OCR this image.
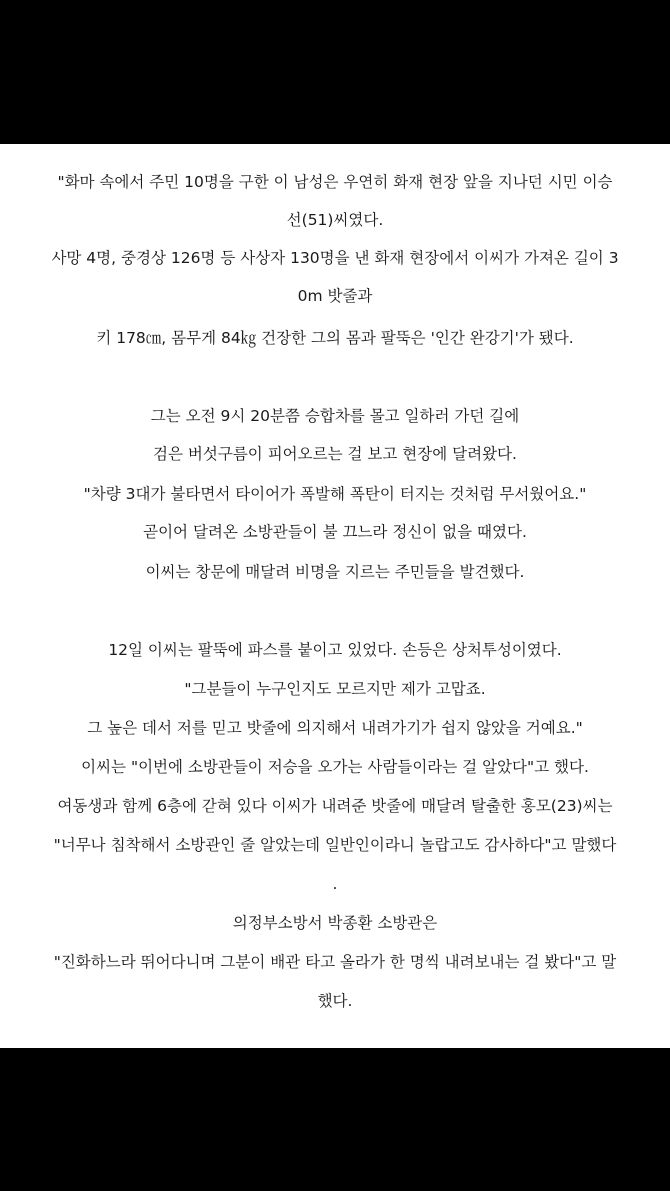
"화마 속에서 주민 10명을 구한 이 남성은 우연히 화재 현장 앞을 지나던 시민 이승
선(51)씨였다.
사망 4명, 중경상 126명 등 사상자 130명을 낸 화재 현장에서 이씨가 가져온 길이 3
0m 밧줄과
키 178㎝, 몸무게 84㎏ 건장한 그의 몸과 팔뚝은 '인간 완강기'가 됐다.
그는 오전 9시 20분쯤 승합차를 몰고 일하러 가던 길에
검은 버섯구름이 피어오르는 걸 보고 현장에 달려왔다.
"차량 3대가 불타면서 타이어가 폭발해 폭탄이 터지는 것처럼 무서웠어요."
곧이어 달려온 소방관들이 불 끄느라 정신이 없을 때였다.
이씨는 창문에 매달려 비명을 지르는 주민들을 발견했다.
12일 이씨는 팔뚝에 파스를 붙이고 있었다. 손등은 상처투성이였다.
"그분들이 누구인지도 모르지만 제가 고맙죠.
그 높은 데서 저를 믿고 밧줄에 의지해서 내려가기가 쉽지 않았을 거예요."
이씨는 "이번에 소방관들이 저승을 오가는 사람들이라는 걸 알았다"고 했다.
여동생과 함께 6층에 갇혀 있다 이씨가 내려준 밧줄에 매달려 탈출한 홍모(23)씨는
"너무나 침착해서 소방관인 줄 알았는데 일반인이라니 놀랍고도 감사하다"고 말했다
.
의정부소방서 박종환 소방관은
"진화하느라 뛰어다니며 그분이 배관 타고 올라가 한 명씩 내려보내는 걸 봤다"고 말
했다.
